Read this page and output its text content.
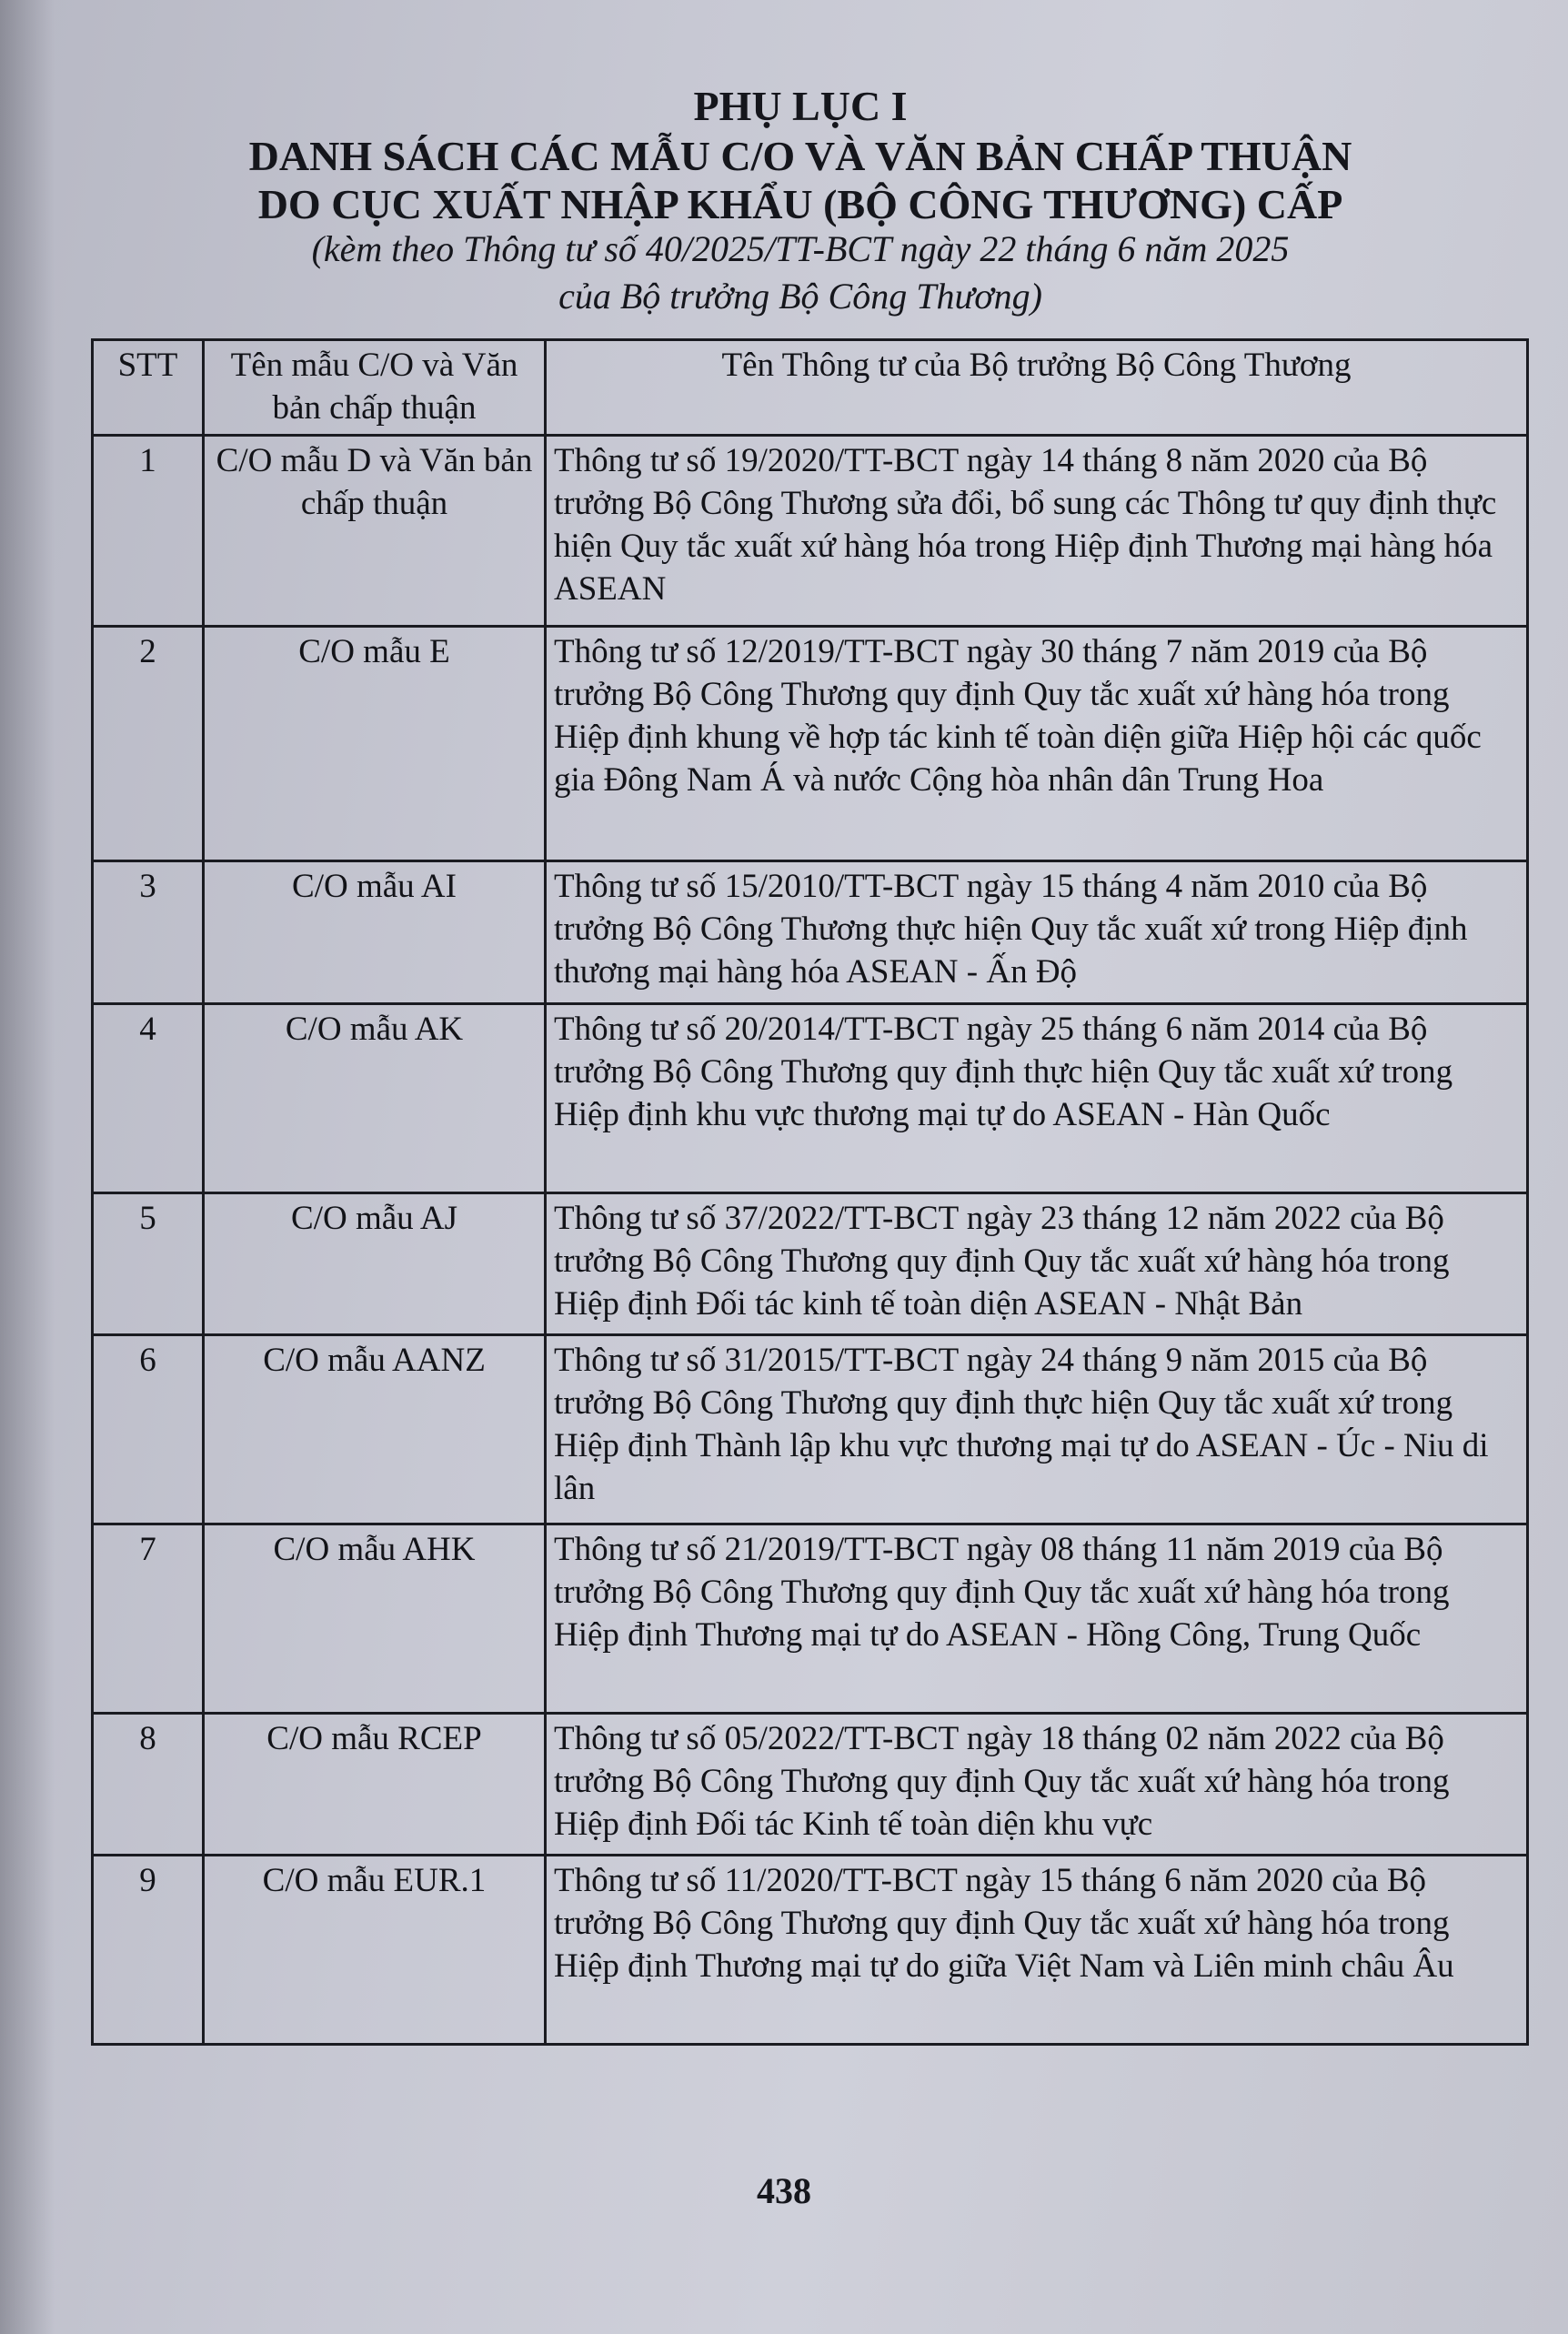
PHỤ LỤC I
DANH SÁCH CÁC MẪU C/O VÀ VĂN BẢN CHẤP THUẬN
DO CỤC XUẤT NHẬP KHẨU (BỘ CÔNG THƯƠNG) CẤP
(kèm theo Thông tư số 40/2025/TT-BCT ngày 22 tháng 6 năm 2025
của Bộ trưởng Bộ Công Thương)
STT	Tên mẫu C/O và Văn bản chấp thuận	Tên Thông tư của Bộ trưởng Bộ Công Thương
1	C/O mẫu D và Văn bản chấp thuận	Thông tư số 19/2020/TT-BCT ngày 14 tháng 8 năm 2020 của Bộ trưởng Bộ Công Thương sửa đổi, bổ sung các Thông tư quy định thực hiện Quy tắc xuất xứ hàng hóa trong Hiệp định Thương mại hàng hóa ASEAN
2	C/O mẫu E	Thông tư số 12/2019/TT-BCT ngày 30 tháng 7 năm 2019 của Bộ trưởng Bộ Công Thương quy định Quy tắc xuất xứ hàng hóa trong Hiệp định khung về hợp tác kinh tế toàn diện giữa Hiệp hội các quốc gia Đông Nam Á và nước Cộng hòa nhân dân Trung Hoa
3	C/O mẫu AI	Thông tư số 15/2010/TT-BCT ngày 15 tháng 4 năm 2010 của Bộ trưởng Bộ Công Thương thực hiện Quy tắc xuất xứ trong Hiệp định thương mại hàng hóa ASEAN - Ấn Độ
4	C/O mẫu AK	Thông tư số 20/2014/TT-BCT ngày 25 tháng 6 năm 2014 của Bộ trưởng Bộ Công Thương quy định thực hiện Quy tắc xuất xứ trong Hiệp định khu vực thương mại tự do ASEAN - Hàn Quốc
5	C/O mẫu AJ	Thông tư số 37/2022/TT-BCT ngày 23 tháng 12 năm 2022 của Bộ trưởng Bộ Công Thương quy định Quy tắc xuất xứ hàng hóa trong Hiệp định Đối tác kinh tế toàn diện ASEAN - Nhật Bản
6	C/O mẫu AANZ	Thông tư số 31/2015/TT-BCT ngày 24 tháng 9 năm 2015 của Bộ trưởng Bộ Công Thương quy định thực hiện Quy tắc xuất xứ trong Hiệp định Thành lập khu vực thương mại tự do ASEAN - Úc - Niu di lân
7	C/O mẫu AHK	Thông tư số 21/2019/TT-BCT ngày 08 tháng 11 năm 2019 của Bộ trưởng Bộ Công Thương quy định Quy tắc xuất xứ hàng hóa trong Hiệp định Thương mại tự do ASEAN - Hồng Công, Trung Quốc
8	C/O mẫu RCEP	Thông tư số 05/2022/TT-BCT ngày 18 tháng 02 năm 2022 của Bộ trưởng Bộ Công Thương quy định Quy tắc xuất xứ hàng hóa trong Hiệp định Đối tác Kinh tế toàn diện khu vực
9	C/O mẫu EUR.1	Thông tư số 11/2020/TT-BCT ngày 15 tháng 6 năm 2020 của Bộ trưởng Bộ Công Thương quy định Quy tắc xuất xứ hàng hóa trong Hiệp định Thương mại tự do giữa Việt Nam và Liên minh châu Âu
438
